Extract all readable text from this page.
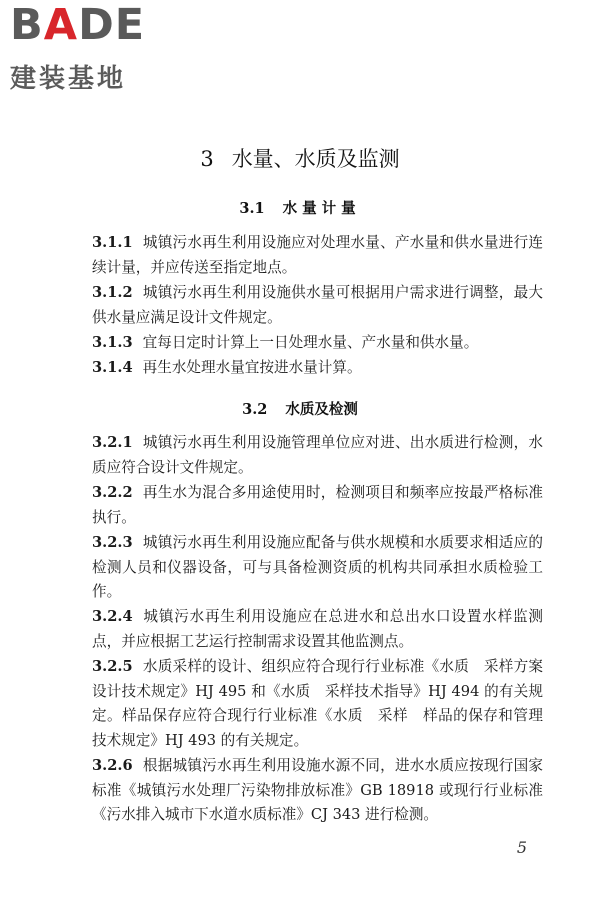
BADE
建装基地
3 水量、水质及监测
3.1 水量计量
3.1.1 城镇污水再生利用设施应对处理水量、产水量和供水量进行连续计量，并应传送至指定地点。
3.1.2 城镇污水再生利用设施供水量可根据用户需求进行调整，最大供水量应满足设计文件规定。
3.1.3 宜每日定时计算上一日处理水量、产水量和供水量。
3.1.4 再生水处理水量宜按进水量计算。
3.2 水质及检测
3.2.1 城镇污水再生利用设施管理单位应对进、出水质进行检测，水质应符合设计文件规定。
3.2.2 再生水为混合多用途使用时，检测项目和频率应按最严格标准执行。
3.2.3 城镇污水再生利用设施应配备与供水规模和水质要求相适应的检测人员和仪器设备，可与具备检测资质的机构共同承担水质检验工作。
3.2.4 城镇污水再生利用设施应在总进水和总出水口设置水样监测点，并应根据工艺运行控制需求设置其他监测点。
3.2.5 水质采样的设计、组织应符合现行行业标准《水质　采样方案设计技术规定》HJ 495 和《水质　采样技术指导》HJ 494 的有关规定。样品保存应符合现行行业标准《水质　采样　样品的保存和管理技术规定》HJ 493 的有关规定。
3.2.6 根据城镇污水再生利用设施水源不同，进水水质应按现行国家标准《城镇污水处理厂污染物排放标准》GB 18918 或现行行业标准《污水排入城市下水道水质标准》CJ 343 进行检测。
5
